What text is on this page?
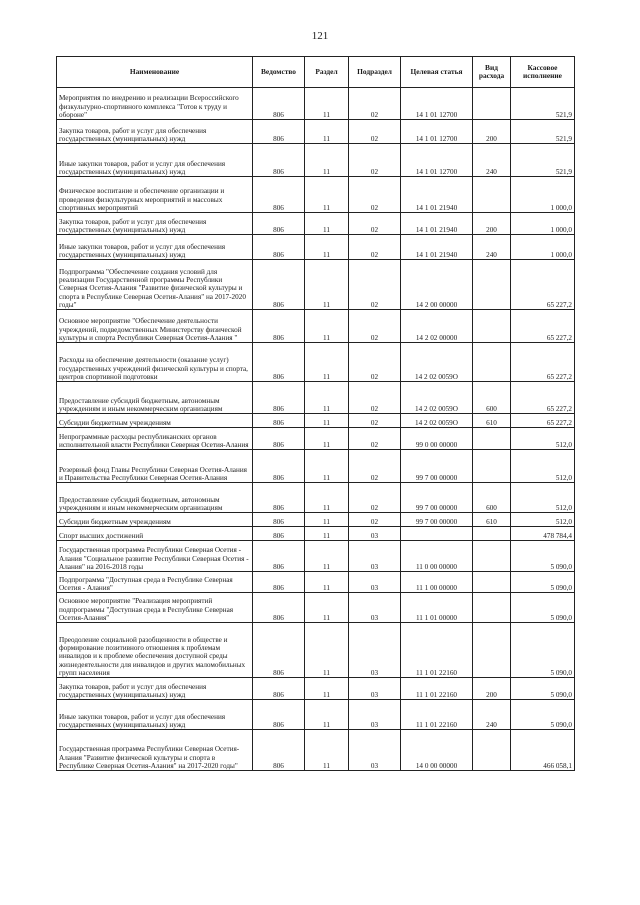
121
Наименование	Ведомство	Раздел	Подраздел	Целевая статья	Вид расхода	Кассовое исполнение
Мероприятия по внедрению и реализации Всероссийского физкультурно-спортивного комплекса "Готов к труду и обороне"	806	11	02	14 1 01 12700		521,9
Закупка товаров, работ и услуг для обеспечения государственных (муниципальных) нужд	806	11	02	14 1 01 12700	200	521,9
Иные закупки товаров, работ и услуг для обеспечения государственных (муниципальных) нужд	806	11	02	14 1 01 12700	240	521,9
Физическое воспитание и обеспечение организации и проведения физкультурных мероприятий и массовых спортивных мероприятий	806	11	02	14 1 01 21940		1 000,0
Закупка товаров, работ и услуг для обеспечения государственных (муниципальных) нужд	806	11	02	14 1 01 21940	200	1 000,0
Иные закупки товаров, работ и услуг для обеспечения государственных (муниципальных) нужд	806	11	02	14 1 01 21940	240	1 000,0
Подпрограмма "Обеспечение создания условий для реализации Государственной программы Республики Северная Осетия-Алания "Развитие физической культуры и спорта в Республике Северная Осетия-Алания" на 2017-2020 годы"	806	11	02	14 2 00 00000		65 227,2
Основное мероприятие "Обеспечение деятельности учреждений, подведомственных Министерству физической культуры и спорта Республики Северная Осетия-Алания "	806	11	02	14 2 02 00000		65 227,2
Расходы на обеспечение деятельности (оказание услуг) государственных учреждений физической культуры и спорта, центров спортивной подготовки	806	11	02	14 2 02 0059О		65 227,2
Предоставление субсидий бюджетным, автономным учреждениям и иным некоммерческим организациям	806	11	02	14 2 02 0059О	600	65 227,2
Субсидии бюджетным учреждениям	806	11	02	14 2 02 0059О	610	65 227,2
Непрограммные расходы республиканских органов исполнительной власти Республики Северная Осетия-Алания	806	11	02	99 0 00 00000		512,0
Резервный фонд Главы Республики Северная Осетия-Алания и Правительства Республики Северная Осетия-Алания	806	11	02	99 7 00 00000		512,0
Предоставление субсидий бюджетным, автономным учреждениям и иным некоммерческим организациям	806	11	02	99 7 00 00000	600	512,0
Субсидии бюджетным учреждениям	806	11	02	99 7 00 00000	610	512,0
Спорт высших достижений	806	11	03			478 784,4
Государственная программа Республики Северная Осетия - Алания "Социальное развитие Республики Северная Осетия - Алания" на 2016-2018 годы	806	11	03	11 0 00 00000		5 090,0
Подпрограмма "Доступная среда в Республике Северная Осетия - Алания"	806	11	03	11 1 00 00000		5 090,0
Основное мероприятие "Реализация мероприятий подпрограммы "Доступная среда в Республике Северная Осетия-Алания"	806	11	03	11 1 01 00000		5 090,0
Преодоление социальной разобщенности в обществе и формирование позитивного отношения к проблемам инвалидов и к проблеме обеспечения доступной среды жизнедеятельности для инвалидов и других маломобильных групп населения	806	11	03	11 1 01 22160		5 090,0
Закупка товаров, работ и услуг для обеспечения государственных (муниципальных) нужд	806	11	03	11 1 01 22160	200	5 090,0
Иные закупки товаров, работ и услуг для обеспечения государственных (муниципальных) нужд	806	11	03	11 1 01 22160	240	5 090,0
Государственная программа Республики Северная Осетия-Алания "Развитие физической культуры и спорта в Республике Северная Осетия-Алания" на 2017-2020 годы"	806	11	03	14 0 00 00000		466 058,1
